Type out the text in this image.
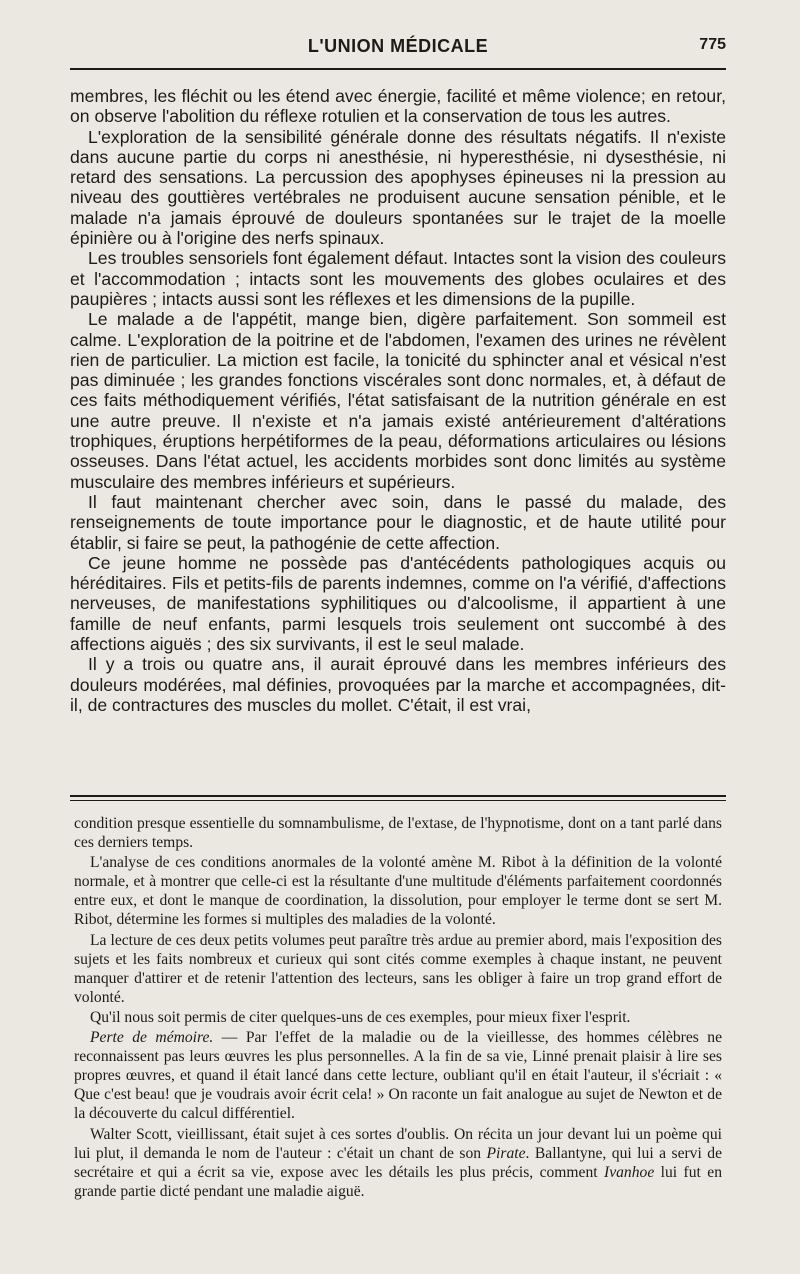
L'UNION MÉDICALE	775

membres, les fléchit ou les étend avec énergie, facilité et même violence; en retour, on observe l'abolition du réflexe rotulien et la conservation de tous les autres.

L'exploration de la sensibilité générale donne des résultats négatifs. Il n'existe dans aucune partie du corps ni anesthésie, ni hyperesthésie, ni dysesthésie, ni retard des sensations. La percussion des apophyses épineuses ni la pression au niveau des gouttières vertébrales ne produisent aucune sensation pénible, et le malade n'a jamais éprouvé de douleurs spontanées sur le trajet de la moelle épinière ou à l'origine des nerfs spinaux.

Les troubles sensoriels font également défaut. Intactes sont la vision des couleurs et l'accommodation ; intacts sont les mouvements des globes oculaires et des paupières ; intacts aussi sont les réflexes et les dimensions de la pupille.

Le malade a de l'appétit, mange bien, digère parfaitement. Son sommeil est calme. L'exploration de la poitrine et de l'abdomen, l'examen des urines ne révèlent rien de particulier. La miction est facile, la tonicité du sphincter anal et vésical n'est pas diminuée ; les grandes fonctions viscérales sont donc normales, et, à défaut de ces faits méthodiquement vérifiés, l'état satisfaisant de la nutrition générale en est une autre preuve. Il n'existe et n'a jamais existé antérieurement d'altérations trophiques, éruptions herpétiformes de la peau, déformations articulaires ou lésions osseuses. Dans l'état actuel, les accidents morbides sont donc limités au système musculaire des membres inférieurs et supérieurs.

Il faut maintenant chercher avec soin, dans le passé du malade, des renseignements de toute importance pour le diagnostic, et de haute utilité pour établir, si faire se peut, la pathogénie de cette affection.

Ce jeune homme ne possède pas d'antécédents pathologiques acquis ou héréditaires. Fils et petits-fils de parents indemnes, comme on l'a vérifié, d'affections nerveuses, de manifestations syphilitiques ou d'alcoolisme, il appartient à une famille de neuf enfants, parmi lesquels trois seulement ont succombé à des affections aiguës ; des six survivants, il est le seul malade.

Il y a trois ou quatre ans, il aurait éprouvé dans les membres inférieurs des douleurs modérées, mal définies, provoquées par la marche et accompagnées, dit-il, de contractures des muscles du mollet. C'était, il est vrai,

condition presque essentielle du somnambulisme, de l'extase, de l'hypnotisme, dont on a tant parlé dans ces derniers temps.

L'analyse de ces conditions anormales de la volonté amène M. Ribot à la définition de la volonté normale, et à montrer que celle-ci est la résultante d'une multitude d'éléments parfaitement coordonnés entre eux, et dont le manque de coordination, la dissolution, pour employer le terme dont se sert M. Ribot, détermine les formes si multiples des maladies de la volonté.

La lecture de ces deux petits volumes peut paraître très ardue au premier abord, mais l'exposition des sujets et les faits nombreux et curieux qui sont cités comme exemples à chaque instant, ne peuvent manquer d'attirer et de retenir l'attention des lecteurs, sans les obliger à faire un trop grand effort de volonté.

Qu'il nous soit permis de citer quelques-uns de ces exemples, pour mieux fixer l'esprit.

Perte de mémoire. — Par l'effet de la maladie ou de la vieillesse, des hommes célèbres ne reconnaissent pas leurs œuvres les plus personnelles. A la fin de sa vie, Linné prenait plaisir à lire ses propres œuvres, et quand il était lancé dans cette lecture, oubliant qu'il en était l'auteur, il s'écriait : « Que c'est beau! que je voudrais avoir écrit cela! » On raconte un fait analogue au sujet de Newton et de la découverte du calcul différentiel.

Walter Scott, vieillissant, était sujet à ces sortes d'oublis. On récita un jour devant lui un poème qui lui plut, il demanda le nom de l'auteur : c'était un chant de son Pirate. Ballantyne, qui lui a servi de secrétaire et qui a écrit sa vie, expose avec les détails les plus précis, comment Ivanhoe lui fut en grande partie dicté pendant une maladie aiguë.
